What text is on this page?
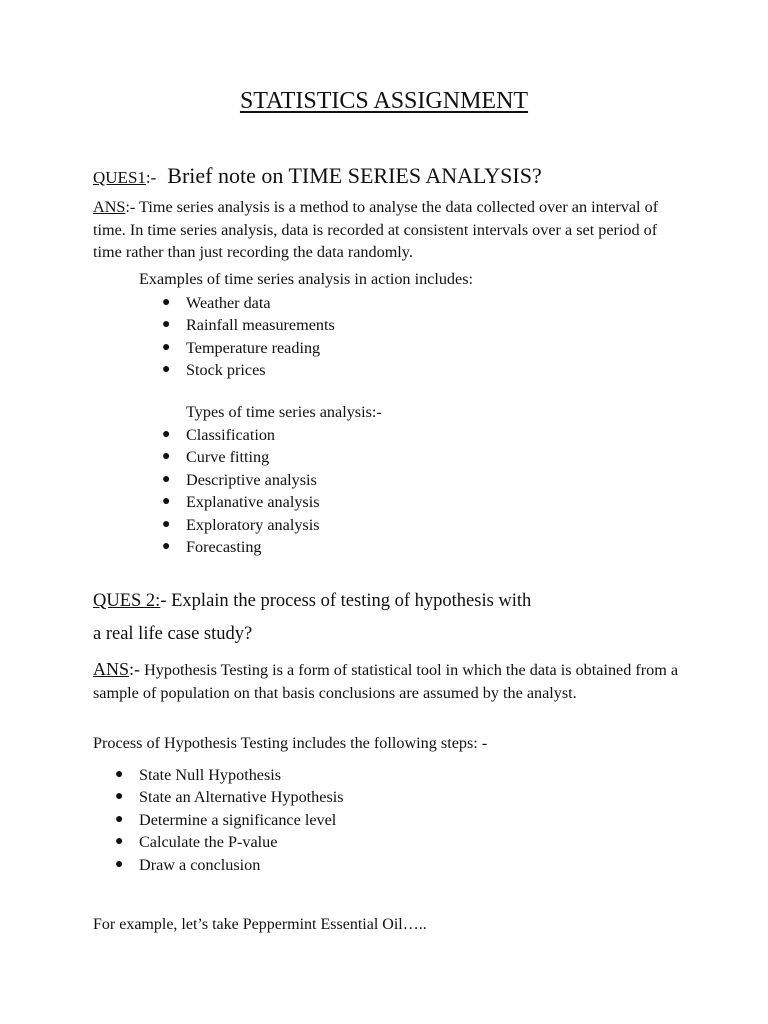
STATISTICS ASSIGNMENT
QUES1:- Brief note on TIME SERIES ANALYSIS?
ANS:- Time series analysis is a method to analyse the data collected over an interval of time. In time series analysis, data is recorded at consistent intervals over a set period of time rather than just recording the data randomly.
Examples of time series analysis in action includes:
● Weather data
● Rainfall measurements
● Temperature reading
● Stock prices
Types of time series analysis:-
● Classification
● Curve fitting
● Descriptive analysis
● Explanative analysis
● Exploratory analysis
● Forecasting
QUES 2:- Explain the process of testing of hypothesis with
a real life case study?
ANS:- Hypothesis Testing is a form of statistical tool in which the data is obtained from a sample of population on that basis conclusions are assumed by the analyst.
Process of Hypothesis Testing includes the following steps: -
● State Null Hypothesis
● State an Alternative Hypothesis
● Determine a significance level
● Calculate the P-value
● Draw a conclusion
For example, let’s take Peppermint Essential Oil…..
